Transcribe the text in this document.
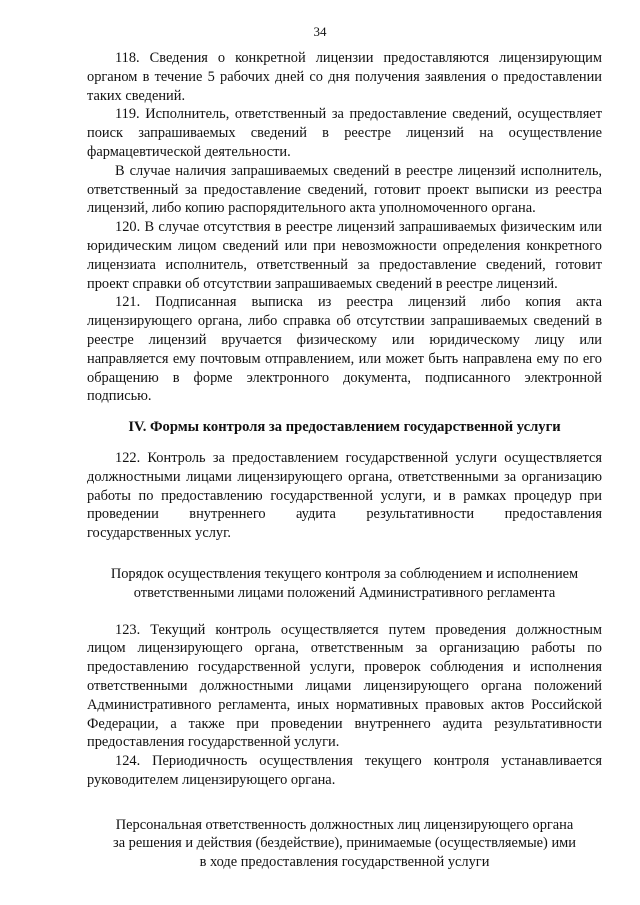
34

118. Сведения о конкретной лицензии предоставляются лицензирующим органом в течение 5 рабочих дней со дня получения заявления о предоставлении таких сведений.

119. Исполнитель, ответственный за предоставление сведений, осуществляет поиск запрашиваемых сведений в реестре лицензий на осуществление фармацевтической деятельности.

В случае наличия запрашиваемых сведений в реестре лицензий исполнитель, ответственный за предоставление сведений, готовит проект выписки из реестра лицензий, либо копию распорядительного акта уполномоченного органа.

120. В случае отсутствия в реестре лицензий запрашиваемых физическим или юридическим лицом сведений или при невозможности определения конкретного лицензиата исполнитель, ответственный за предоставление сведений, готовит проект справки об отсутствии запрашиваемых сведений в реестре лицензий.

121. Подписанная выписка из реестра лицензий либо копия акта лицензирующего органа, либо справка об отсутствии запрашиваемых сведений в реестре лицензий вручается физическому или юридическому лицу или направляется ему почтовым отправлением, или может быть направлена ему по его обращению в форме электронного документа, подписанного электронной подписью.

IV. Формы контроля за предоставлением государственной услуги

122. Контроль за предоставлением государственной услуги осуществляется должностными лицами лицензирующего органа, ответственными за организацию работы по предоставлению государственной услуги, и в рамках процедур при проведении внутреннего аудита результативности предоставления государственных услуг.

Порядок осуществления текущего контроля за соблюдением и исполнением
ответственными лицами положений Административного регламента

123. Текущий контроль осуществляется путем проведения должностным лицом лицензирующего органа, ответственным за организацию работы по предоставлению государственной услуги, проверок соблюдения и исполнения ответственными должностными лицами лицензирующего органа положений Административного регламента, иных нормативных правовых актов Российской Федерации, а также при проведении внутреннего аудита результативности предоставления государственной услуги.

124. Периодичность осуществления текущего контроля устанавливается руководителем лицензирующего органа.

Персональная ответственность должностных лиц лицензирующего органа
за решения и действия (бездействие), принимаемые (осуществляемые) ими
в ходе предоставления государственной услуги
